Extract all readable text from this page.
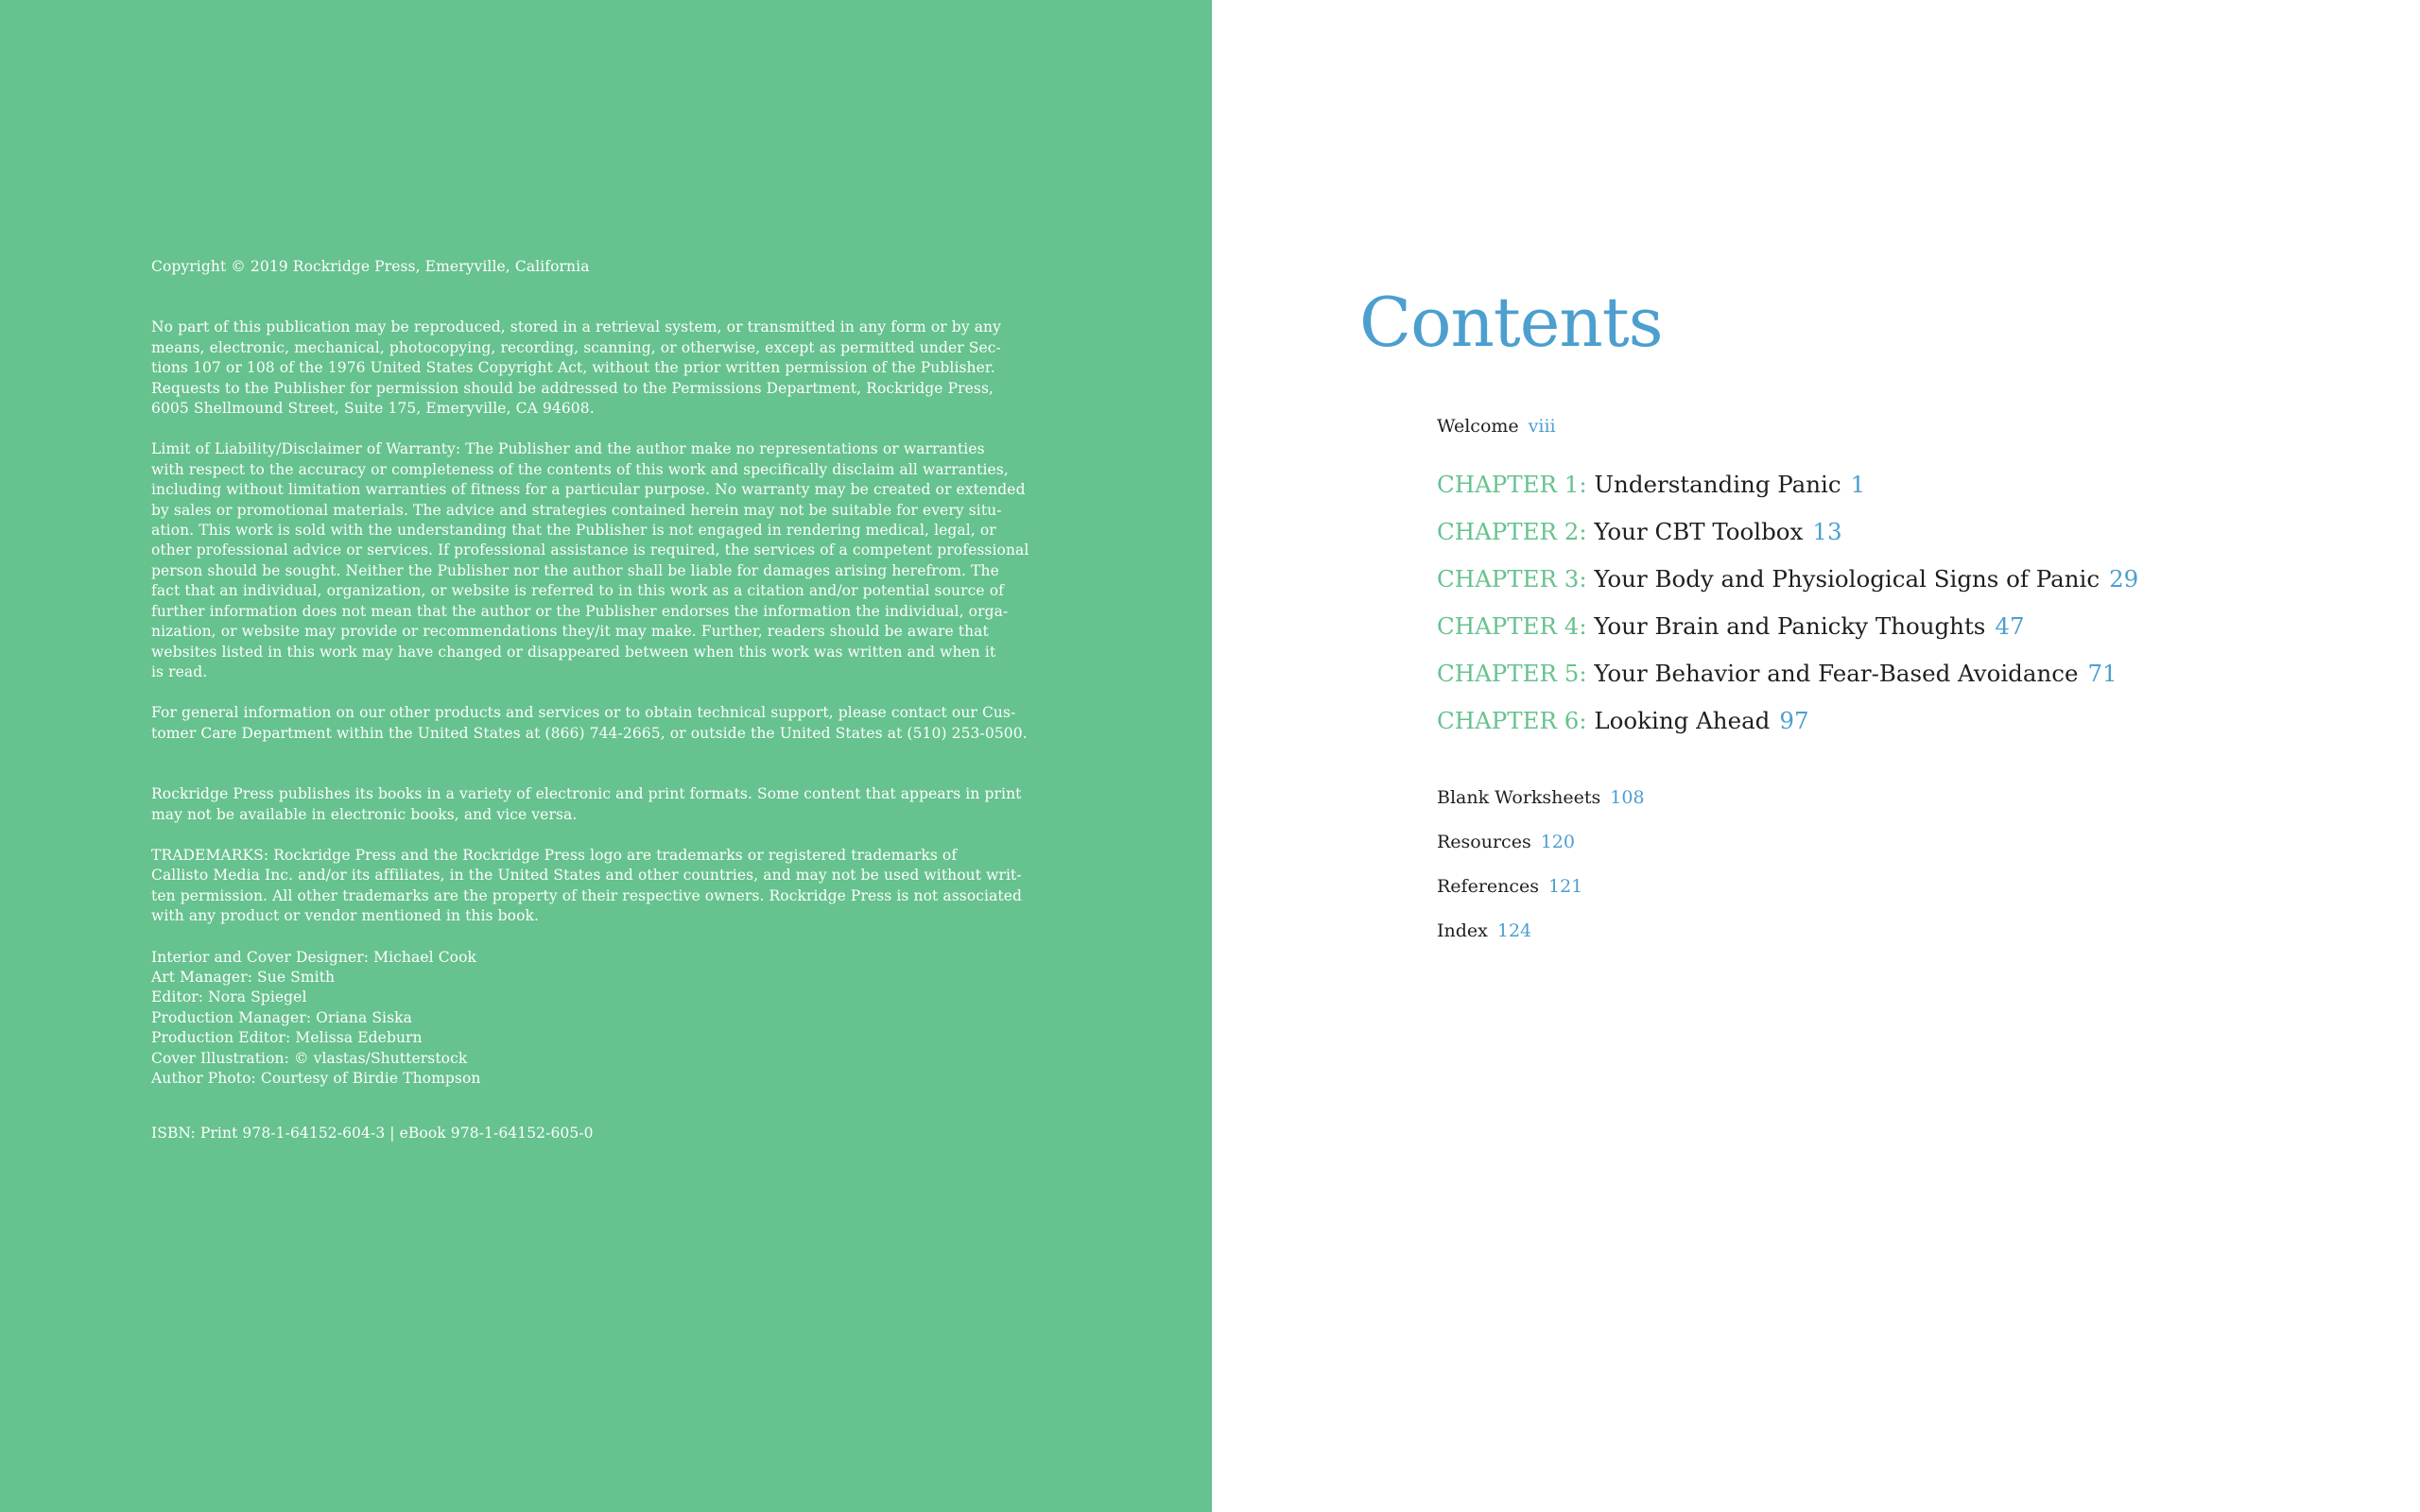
Copyright © 2019 Rockridge Press, Emeryville, California

No part of this publication may be reproduced, stored in a retrieval system, or transmitted in any form or by any

means, electronic, mechanical, photocopying, recording, scanning, or otherwise, except as permitted under Sec-

tions 107 or 108 of the 1976 United States Copyright Act, without the prior written permission of the Publisher.

Requests to the Publisher for permission should be addressed to the Permissions Department, Rockridge Press,

6005 Shellmound Street, Suite 175, Emeryville, CA 94608.

Limit of Liability/Disclaimer of Warranty: The Publisher and the author make no representations or warranties

with respect to the accuracy or completeness of the contents of this work and specifically disclaim all warranties,

including without limitation warranties of fitness for a particular purpose. No warranty may be created or extended

by sales or promotional materials. The advice and strategies contained herein may not be suitable for every situ-

ation. This work is sold with the understanding that the Publisher is not engaged in rendering medical, legal, or

other professional advice or services. If professional assistance is required, the services of a competent professional

person should be sought. Neither the Publisher nor the author shall be liable for damages arising herefrom. The

fact that an individual, organization, or website is referred to in this work as a citation and/or potential source of

further information does not mean that the author or the Publisher endorses the information the individual, orga-

nization, or website may provide or recommendations they/it may make. Further, readers should be aware that

websites listed in this work may have changed or disappeared between when this work was written and when it

is read.

For general information on our other products and services or to obtain technical support, please contact our Cus-

tomer Care Department within the United States at (866) 744-2665, or outside the United States at (510) 253-0500.

Rockridge Press publishes its books in a variety of electronic and print formats. Some content that appears in print

may not be available in electronic books, and vice versa.

TRADEMARKS: Rockridge Press and the Rockridge Press logo are trademarks or registered trademarks of

Callisto Media Inc. and/or its affiliates, in the United States and other countries, and may not be used without writ-

ten permission. All other trademarks are the property of their respective owners. Rockridge Press is not associated

with any product or vendor mentioned in this book.

Interior and Cover Designer: Michael Cook

Art Manager: Sue Smith

Editor: Nora Spiegel

Production Manager: Oriana Siska

Production Editor: Melissa Edeburn

Cover Illustration: © vlastas/Shutterstock

Author Photo: Courtesy of Birdie Thompson

ISBN: Print 978-1-64152-604-3 | eBook 978-1-64152-605-0

Contents
Welcome viii
CHAPTER 1: Understanding Panic 1
CHAPTER 2: Your CBT Toolbox 13
CHAPTER 3: Your Body and Physiological Signs of Panic 29
CHAPTER 4: Your Brain and Panicky Thoughts 47
CHAPTER 5: Your Behavior and Fear-Based Avoidance 71
CHAPTER 6: Looking Ahead 97
Blank Worksheets 108
Resources 120
References 121
Index 124
